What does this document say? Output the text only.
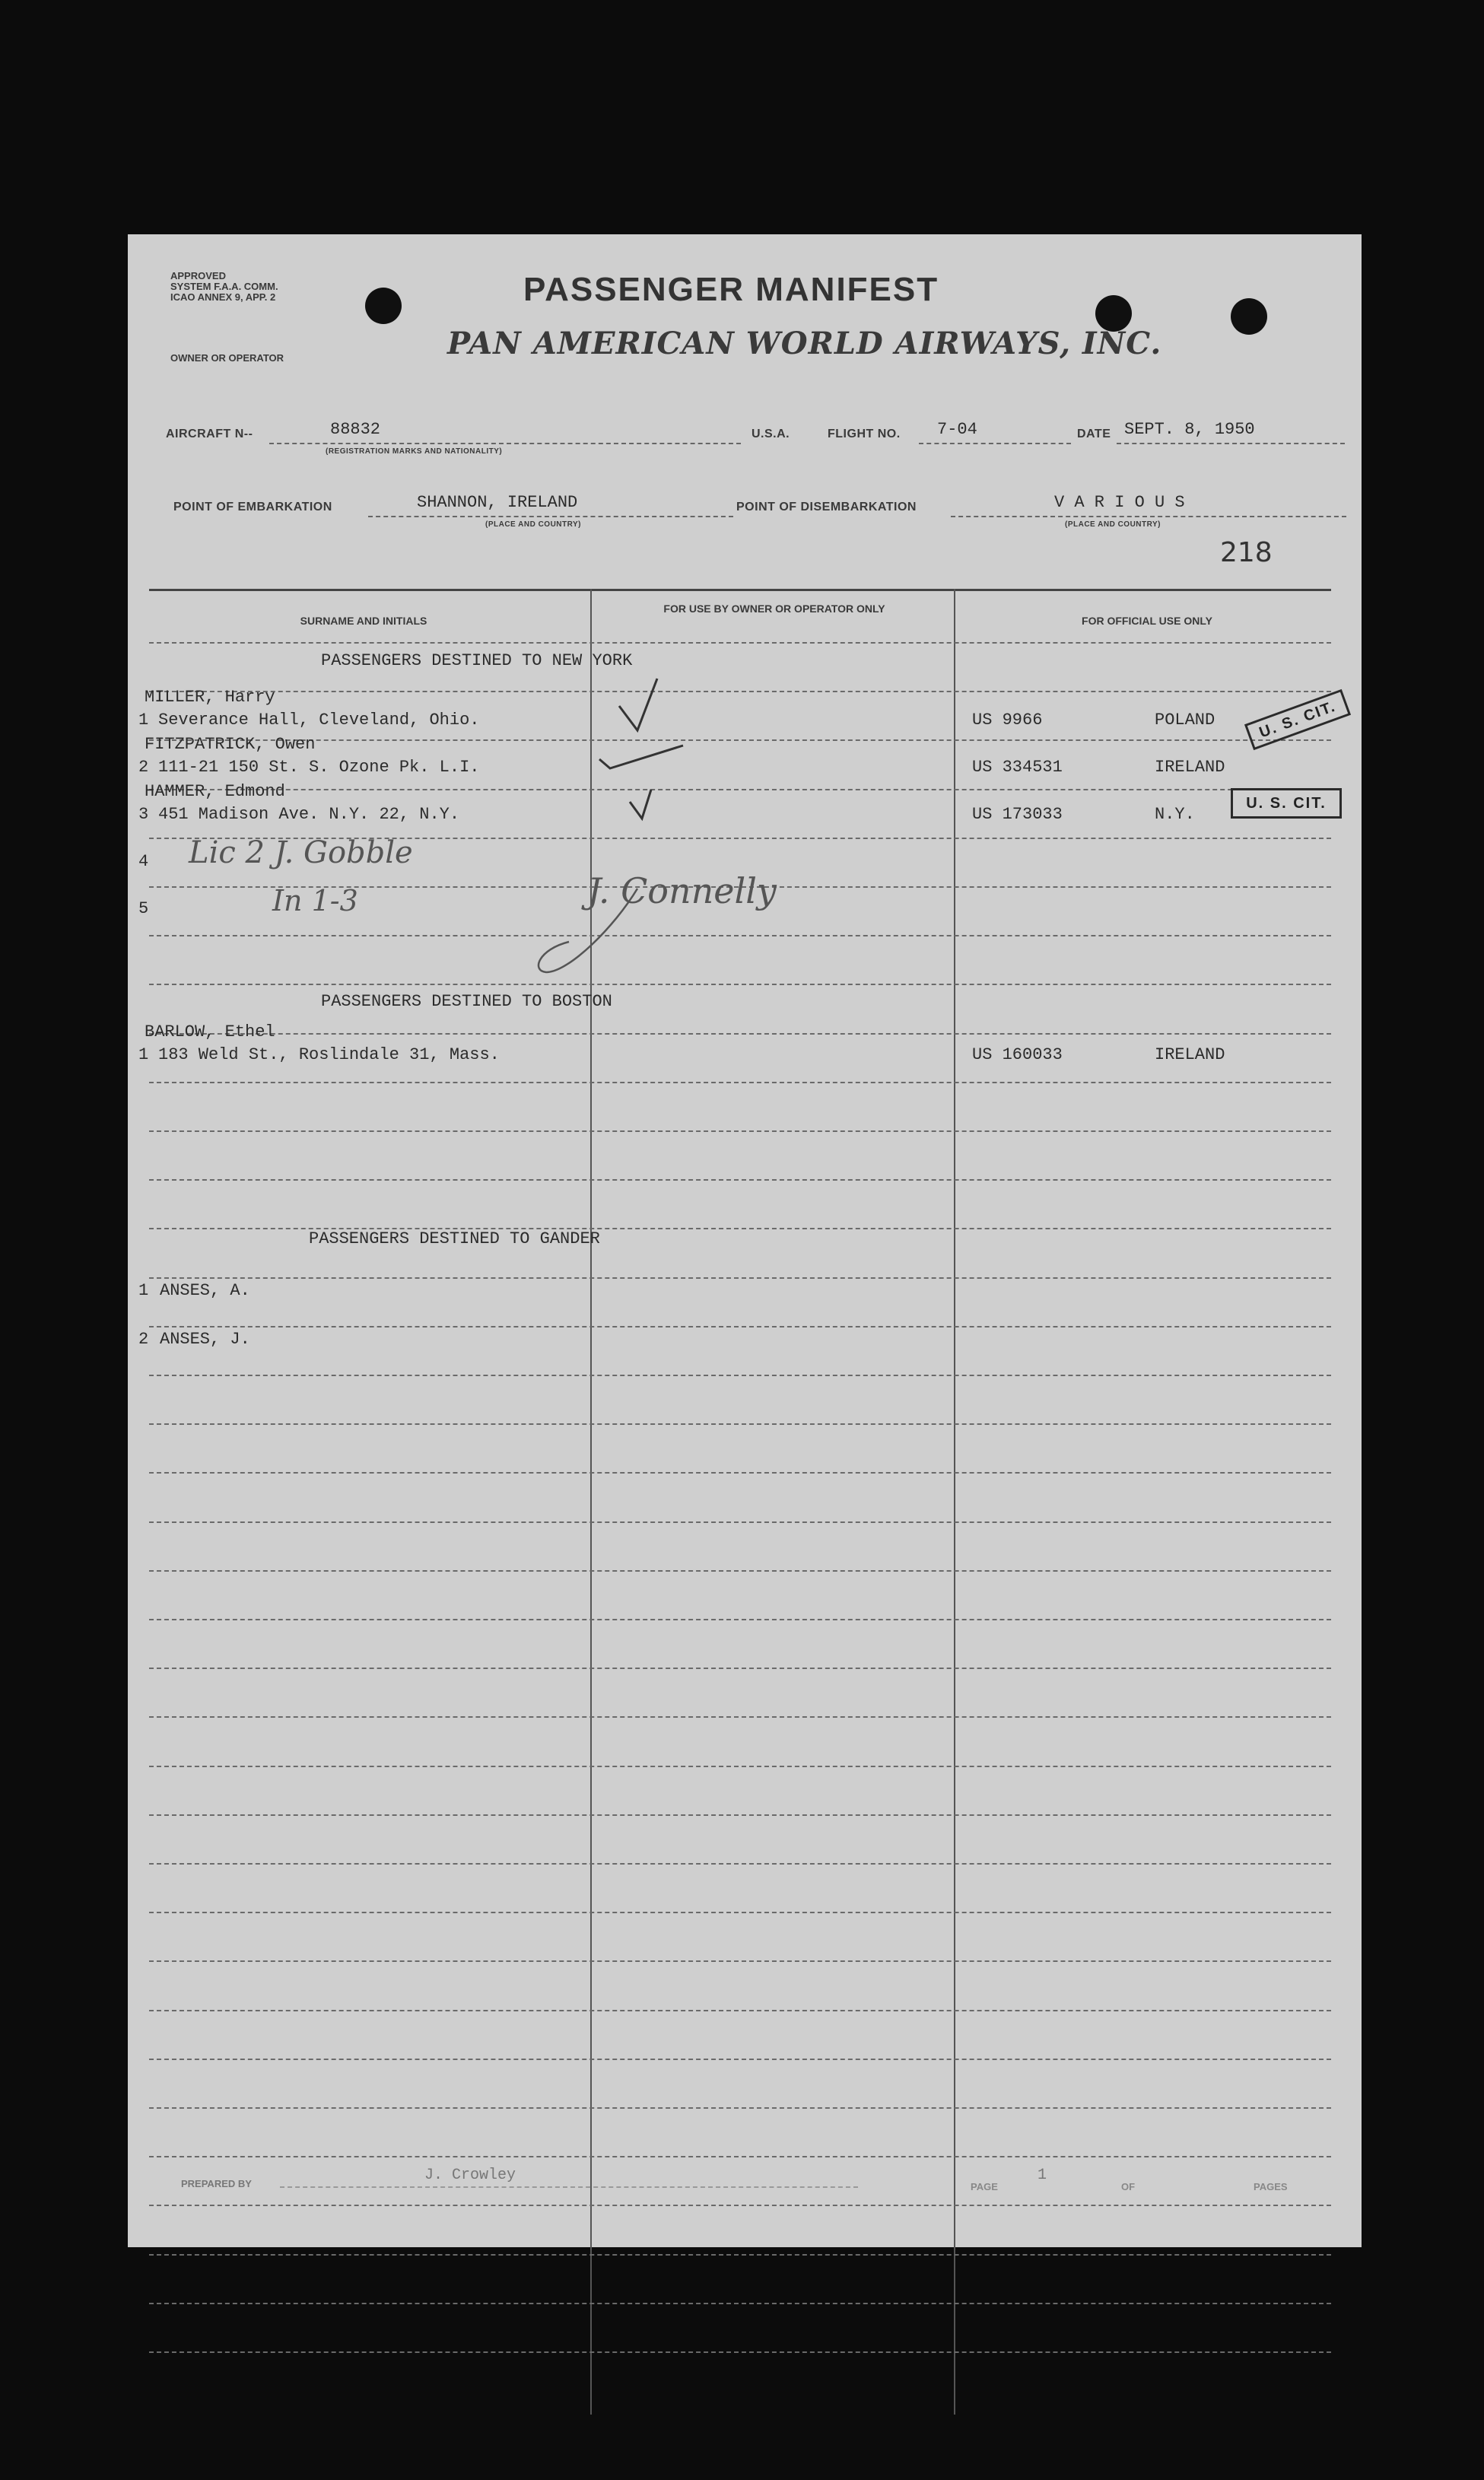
APPROVED
SYSTEM F.A.A. COMM.
ICAO ANNEX 9, APP. 2
OWNER OR OPERATOR
PASSENGER MANIFEST
PAN AMERICAN WORLD AIRWAYS, INC.
AIRCRAFT N--	88832
(REGISTRATION MARKS AND NATIONALITY)
U.S.A.	FLIGHT NO. 7-04	DATE SEPT. 8, 1950
POINT OF EMBARKATION	SHANNON, IRELAND
(PLACE AND COUNTRY)
POINT OF DISEMBARKATION	V A R I O U S
(PLACE AND COUNTRY)
218
SURNAME AND INITIALS
FOR USE BY OWNER OR OPERATOR ONLY
FOR OFFICIAL USE ONLY
PASSENGERS DESTINED TO NEW YORK
MILLER, Harry
1 Severance Hall, Cleveland, Ohio.	US 9966	POLAND
FITZPATRICK, Owen
2 111-21 150 St. S. Ozone Pk. L.I.	US 334531	IRELAND
HAMMER, Edmond
3 451 Madison Ave. N.Y. 22, N.Y.	US 173033	N.Y.
U. S. CIT.
U. S. CIT.
4
5
Lic 2 J. Gobble
In 1-3	J. Connelly
PASSENGERS DESTINED TO BOSTON
BARLOW, Ethel
1 183 Weld St., Roslindale 31, Mass.	US 160033	IRELAND
PASSENGERS DESTINED TO GANDER
1 ANSES, A.
2 ANSES, J.
PREPARED BY	J. Crowley
PAGE
1
OF	PAGES
